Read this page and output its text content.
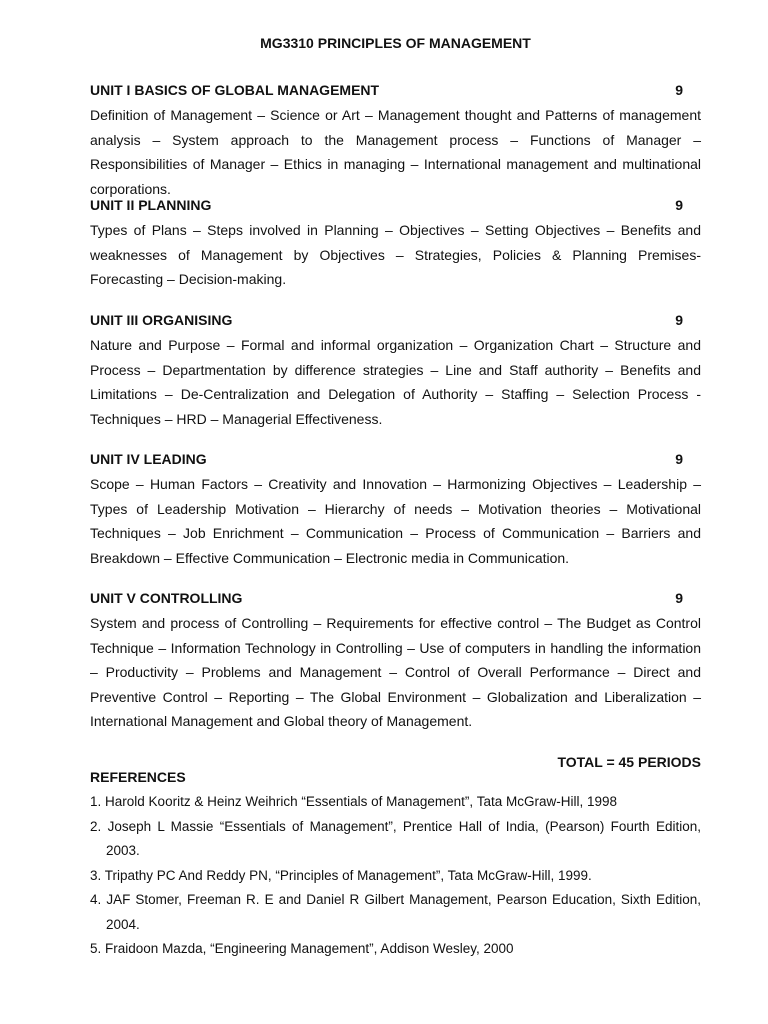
MG3310 PRINCIPLES OF MANAGEMENT
UNIT I BASICS OF GLOBAL MANAGEMENT	9
Definition of Management – Science or Art – Management thought and Patterns of management analysis – System approach to the Management process – Functions of Manager –Responsibilities of Manager – Ethics in managing – International management and multinational corporations.
UNIT II PLANNING	9
Types of Plans – Steps involved in Planning – Objectives – Setting Objectives – Benefits and weaknesses of Management by Objectives – Strategies, Policies & Planning Premises-Forecasting – Decision-making.
UNIT III ORGANISING	9
Nature and Purpose – Formal and informal organization – Organization Chart – Structure and Process – Departmentation by difference strategies – Line and Staff authority – Benefits and Limitations – De-Centralization and Delegation of Authority – Staffing – Selection Process - Techniques – HRD – Managerial Effectiveness.
UNIT IV LEADING	9
Scope – Human Factors – Creativity and Innovation – Harmonizing Objectives – Leadership – Types of Leadership Motivation – Hierarchy of needs – Motivation theories – Motivational Techniques – Job Enrichment – Communication – Process of Communication – Barriers and Breakdown – Effective Communication – Electronic media in Communication.
UNIT V CONTROLLING	9
System and process of Controlling – Requirements for effective control – The Budget as Control Technique – Information Technology in Controlling – Use of computers in handling the information – Productivity – Problems and Management – Control of Overall Performance – Direct and Preventive Control – Reporting – The Global Environment – Globalization and Liberalization – International Management and Global theory of Management.
TOTAL = 45 PERIODS
REFERENCES
1. Harold Kooritz & Heinz Weihrich “Essentials of Management”, Tata McGraw-Hill, 1998
2. Joseph L Massie “Essentials of Management”, Prentice Hall of India, (Pearson) Fourth Edition, 2003.
3. Tripathy PC And Reddy PN, “Principles of Management”, Tata McGraw-Hill, 1999.
4. JAF Stomer, Freeman R. E and Daniel R Gilbert Management, Pearson Education, Sixth Edition, 2004.
5. Fraidoon Mazda, “Engineering Management”, Addison Wesley, 2000
